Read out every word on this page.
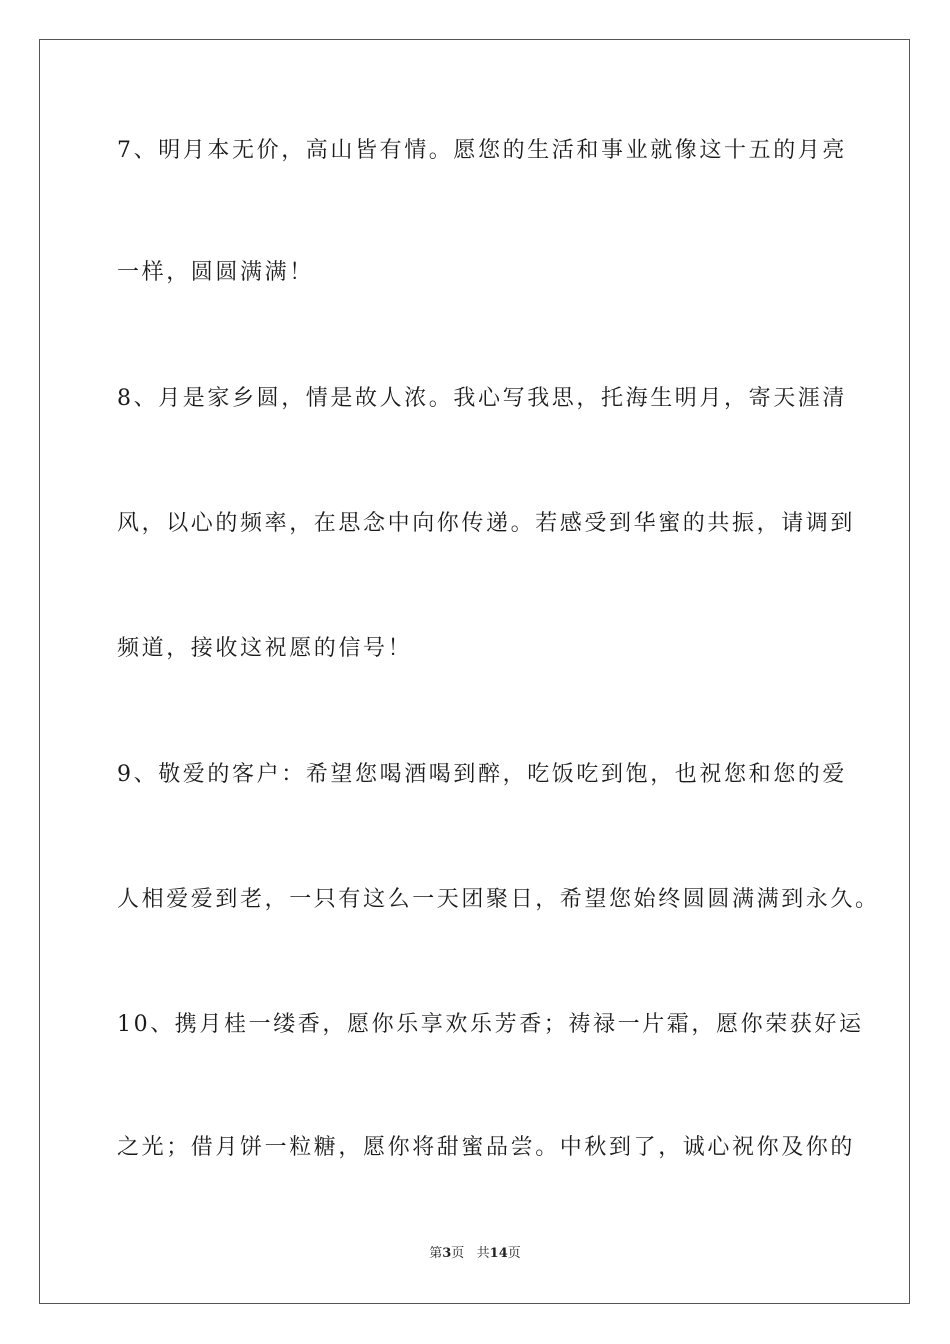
7、明月本无价，高山皆有情。愿您的生活和事业就像这十五的月亮
一样，圆圆满满！
8、月是家乡圆，情是故人浓。我心写我思，托海生明月，寄天涯清
风，以心的频率，在思念中向你传递。若感受到华蜜的共振，请调到
频道，接收这祝愿的信号！
9、敬爱的客户：希望您喝酒喝到醉，吃饭吃到饱，也祝您和您的爱
人相爱爱到老，一只有这么一天团聚日，希望您始终圆圆满满到永久。
10、携月桂一缕香，愿你乐享欢乐芳香；祷禄一片霜，愿你荣获好运
之光；借月饼一粒糖，愿你将甜蜜品尝。中秋到了，诚心祝你及你的
第3页   共14页
